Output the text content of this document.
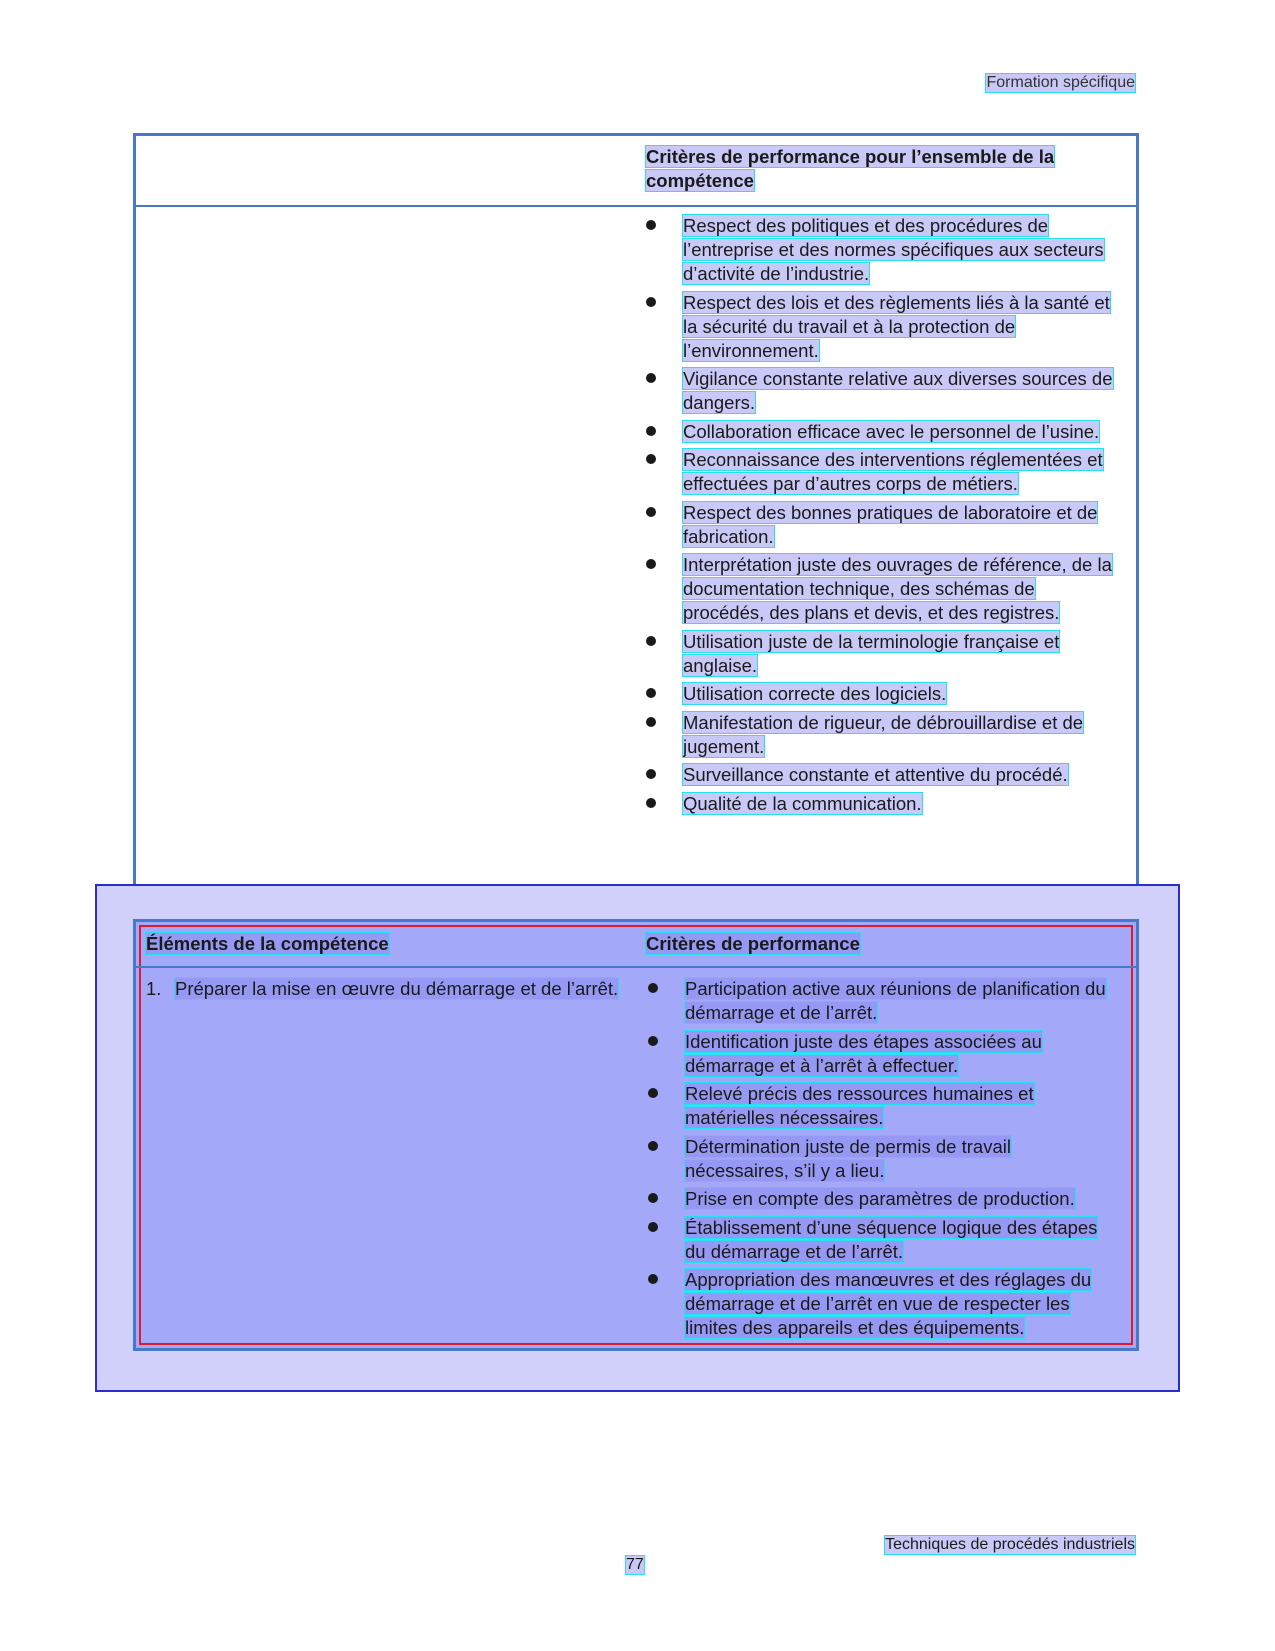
Formation spécifique
Critères de performance pour l’ensemble de la compétence
Respect des politiques et des procédures de l’entreprise et des normes spécifiques aux secteurs d’activité de l’industrie.
Respect des lois et des règlements liés à la santé et la sécurité du travail et à la protection de l’environnement.
Vigilance constante relative aux diverses sources de dangers.
Collaboration efficace avec le personnel de l’usine.
Reconnaissance des interventions réglementées et effectuées par d’autres corps de métiers.
Respect des bonnes pratiques de laboratoire et de fabrication.
Interprétation juste des ouvrages de référence, de la documentation technique, des schémas de procédés, des plans et devis, et des registres.
Utilisation juste de la terminologie française et anglaise.
Utilisation correcte des logiciels.
Manifestation de rigueur, de débrouillardise et de jugement.
Surveillance constante et attentive du procédé.
Qualité de la communication.
Éléments de la compétence	Critères de performance
1. Préparer la mise en œuvre du démarrage et de l’arrêt.	Participation active aux réunions de planification du démarrage et de l’arrêt.
Identification juste des étapes associées au démarrage et à l’arrêt à effectuer.
Relevé précis des ressources humaines et matérielles nécessaires.
Détermination juste de permis de travail nécessaires, s’il y a lieu.
Prise en compte des paramètres de production.
Établissement d’une séquence logique des étapes du démarrage et de l’arrêt.
Appropriation des manœuvres et des réglages du démarrage et de l’arrêt en vue de respecter les limites des appareils et des équipements.
Techniques de procédés industriels
77
